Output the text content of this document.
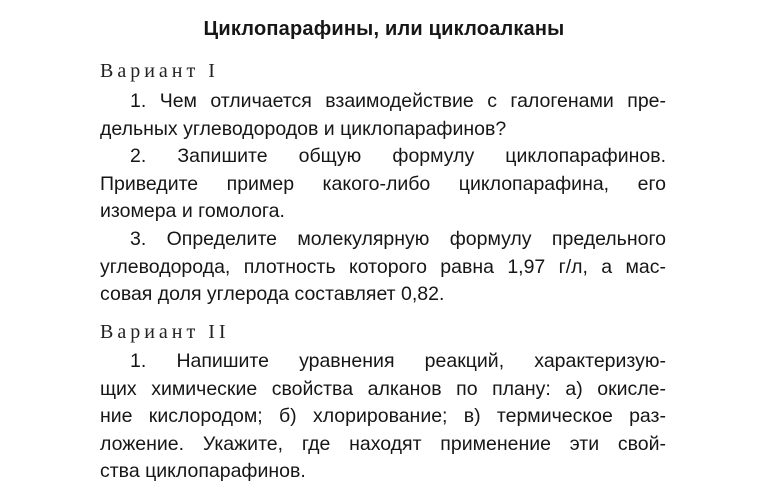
Циклопарафины, или циклоалканы
Вариант I
1. Чем отличается взаимодействие с галогенами пре-
дельных углеводородов и циклопарафинов?
2. Запишите общую формулу циклопарафинов.
Приведите пример какого-либо циклопарафина, его
изомера и гомолога.
3. Определите молекулярную формулу предельного
углеводорода, плотность которого равна 1,97 г/л, а мас-
совая доля углерода составляет 0,82.
Вариант II
1. Напишите уравнения реакций, характеризую-
щих химические свойства алканов по плану: а) окисле-
ние кислородом; б) хлорирование; в) термическое раз-
ложение. Укажите, где находят применение эти свой-
ства циклопарафинов.
